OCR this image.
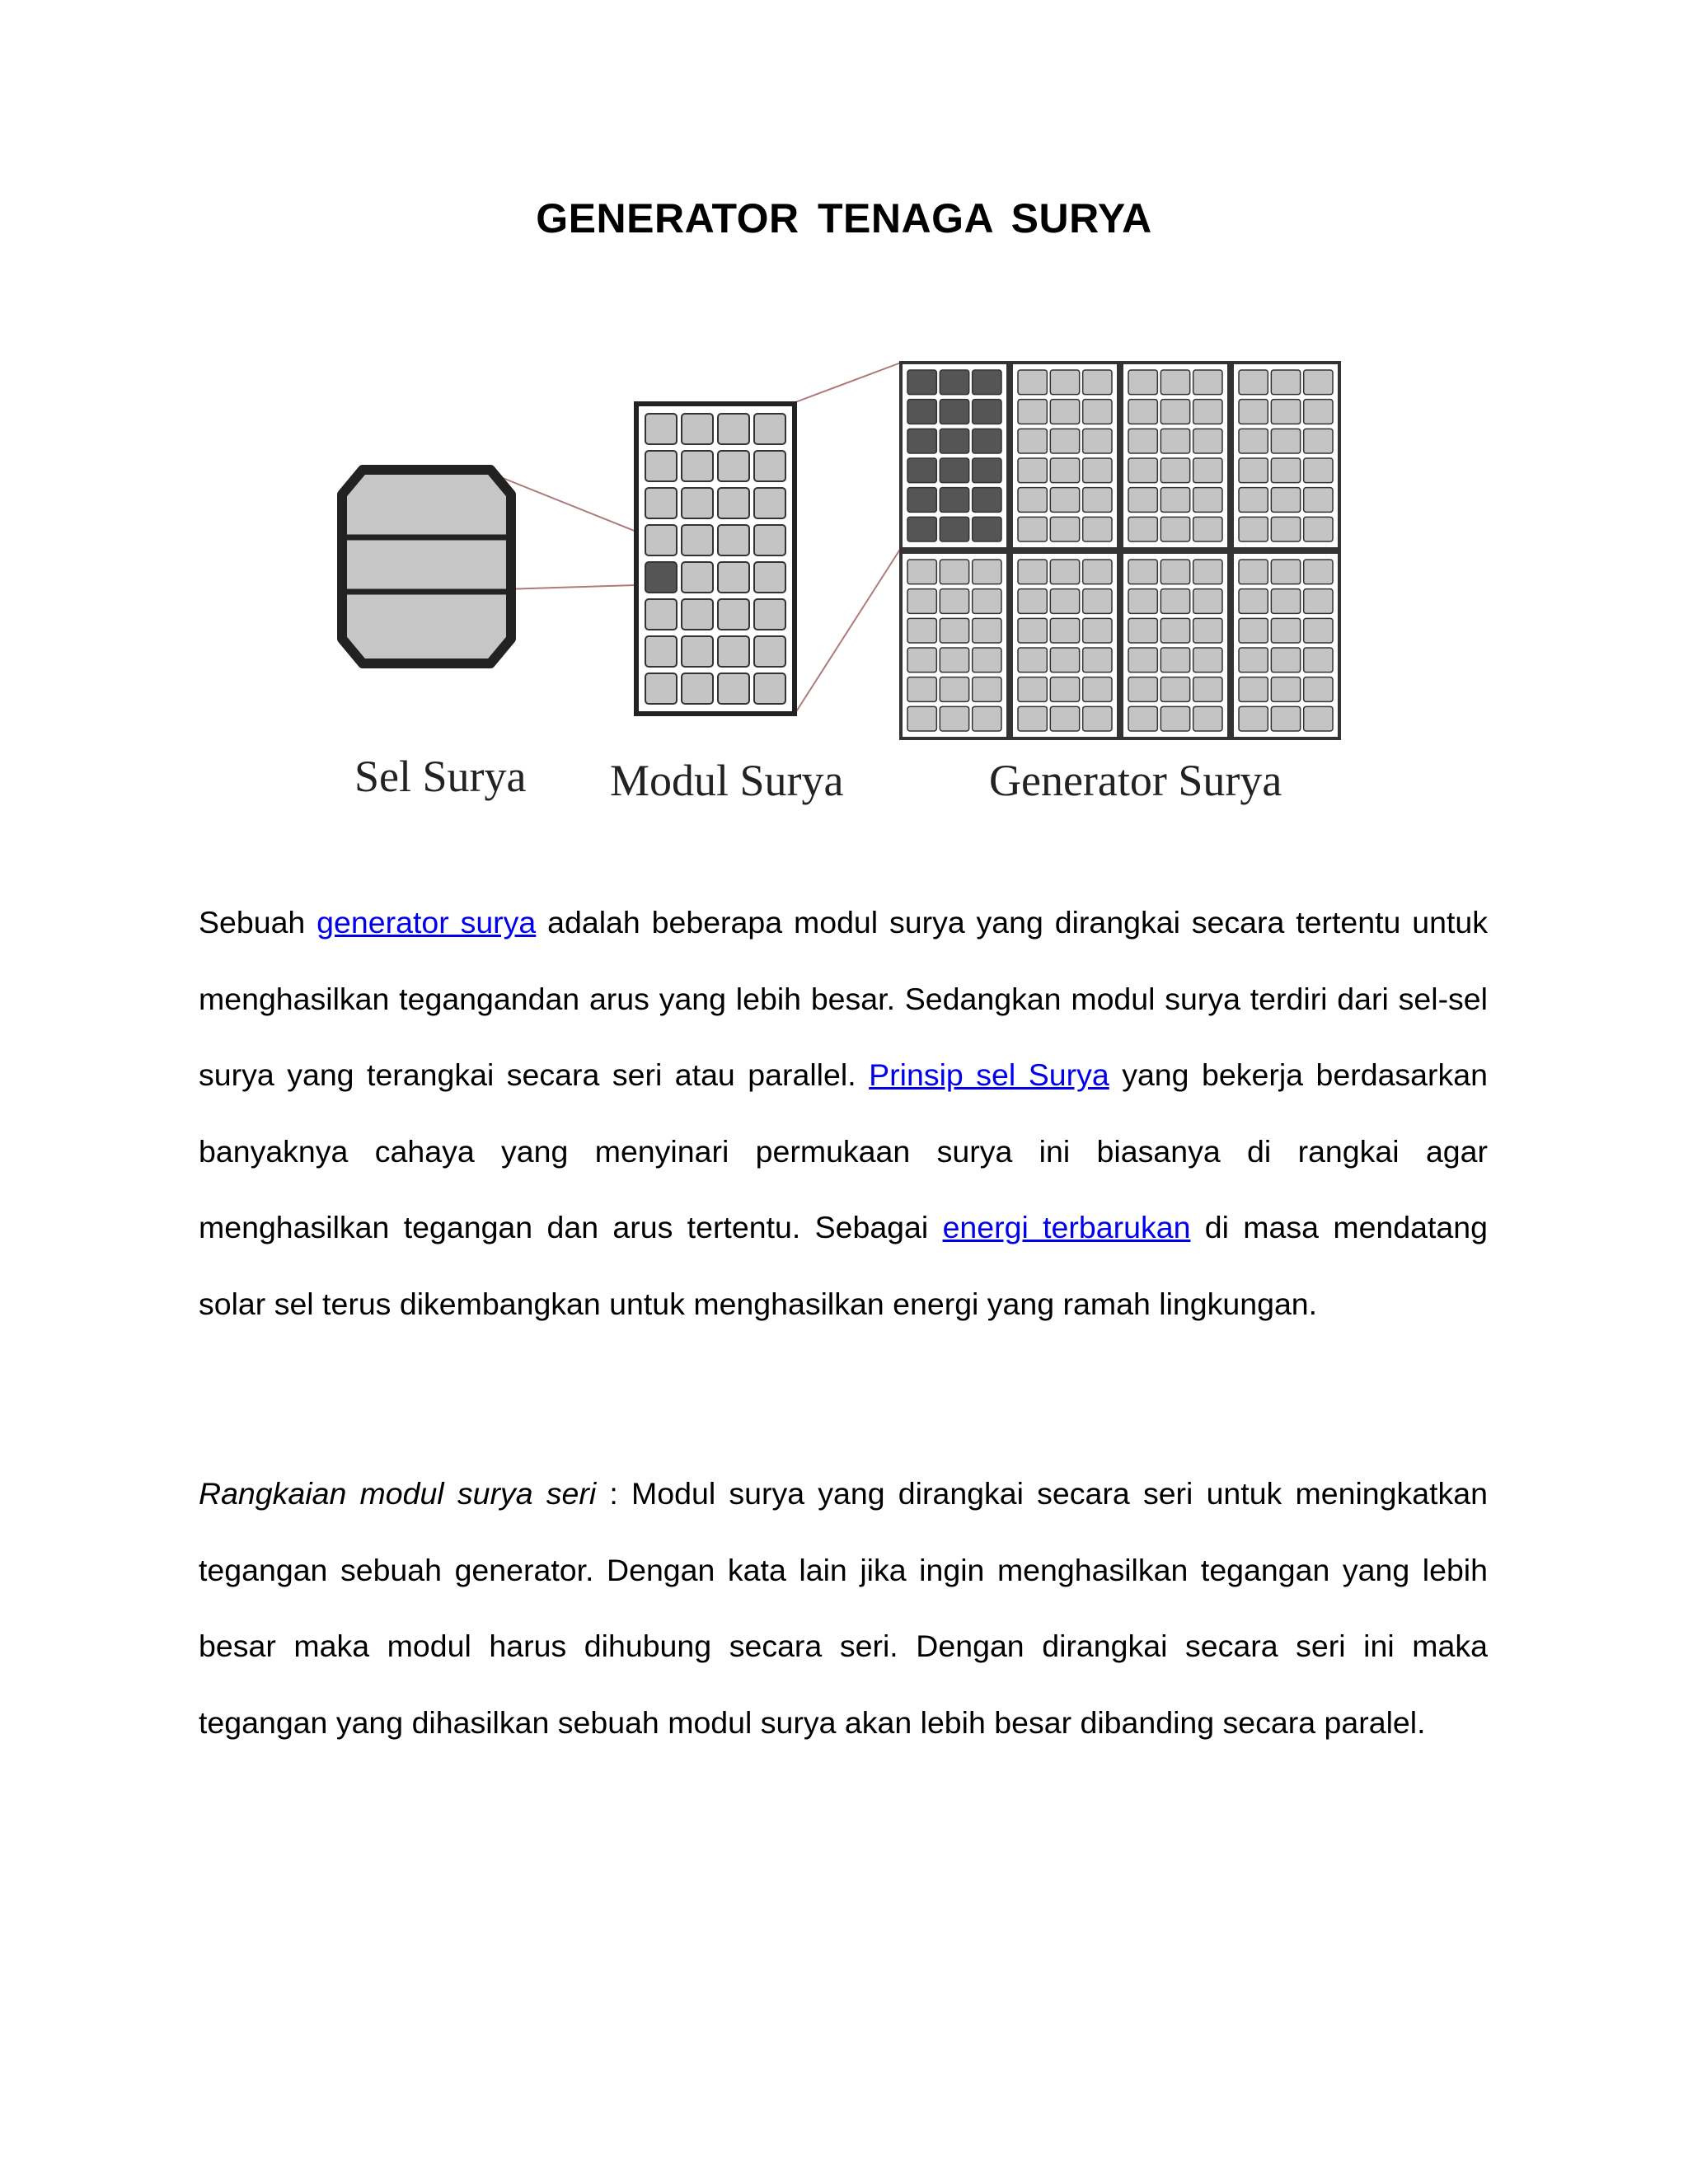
GENERATOR TENAGA SURYA
Sel Surya Modul Surya	Generator Surya

Sebuah generator surya adalah beberapa modul surya yang dirangkai secara tertentu untuk menghasilkan tegangandan arus yang lebih besar. Sedangkan modul surya terdiri dari sel-sel surya yang terangkai secara seri atau parallel. Prinsip sel Surya yang bekerja berdasarkan banyaknya cahaya yang menyinari permukaan surya ini biasanya di rangkai agar menghasilkan tegangan dan arus tertentu. Sebagai energi terbarukan di masa mendatang solar sel terus dikembangkan untuk menghasilkan energi yang ramah lingkungan.

Rangkaian modul surya seri : Modul surya yang dirangkai secara seri untuk meningkatkan tegangan sebuah generator. Dengan kata lain jika ingin menghasilkan tegangan yang lebih besar maka modul harus dihubung secara seri. Dengan dirangkai secara seri ini maka tegangan yang dihasilkan sebuah modul surya akan lebih besar dibanding secara paralel.
